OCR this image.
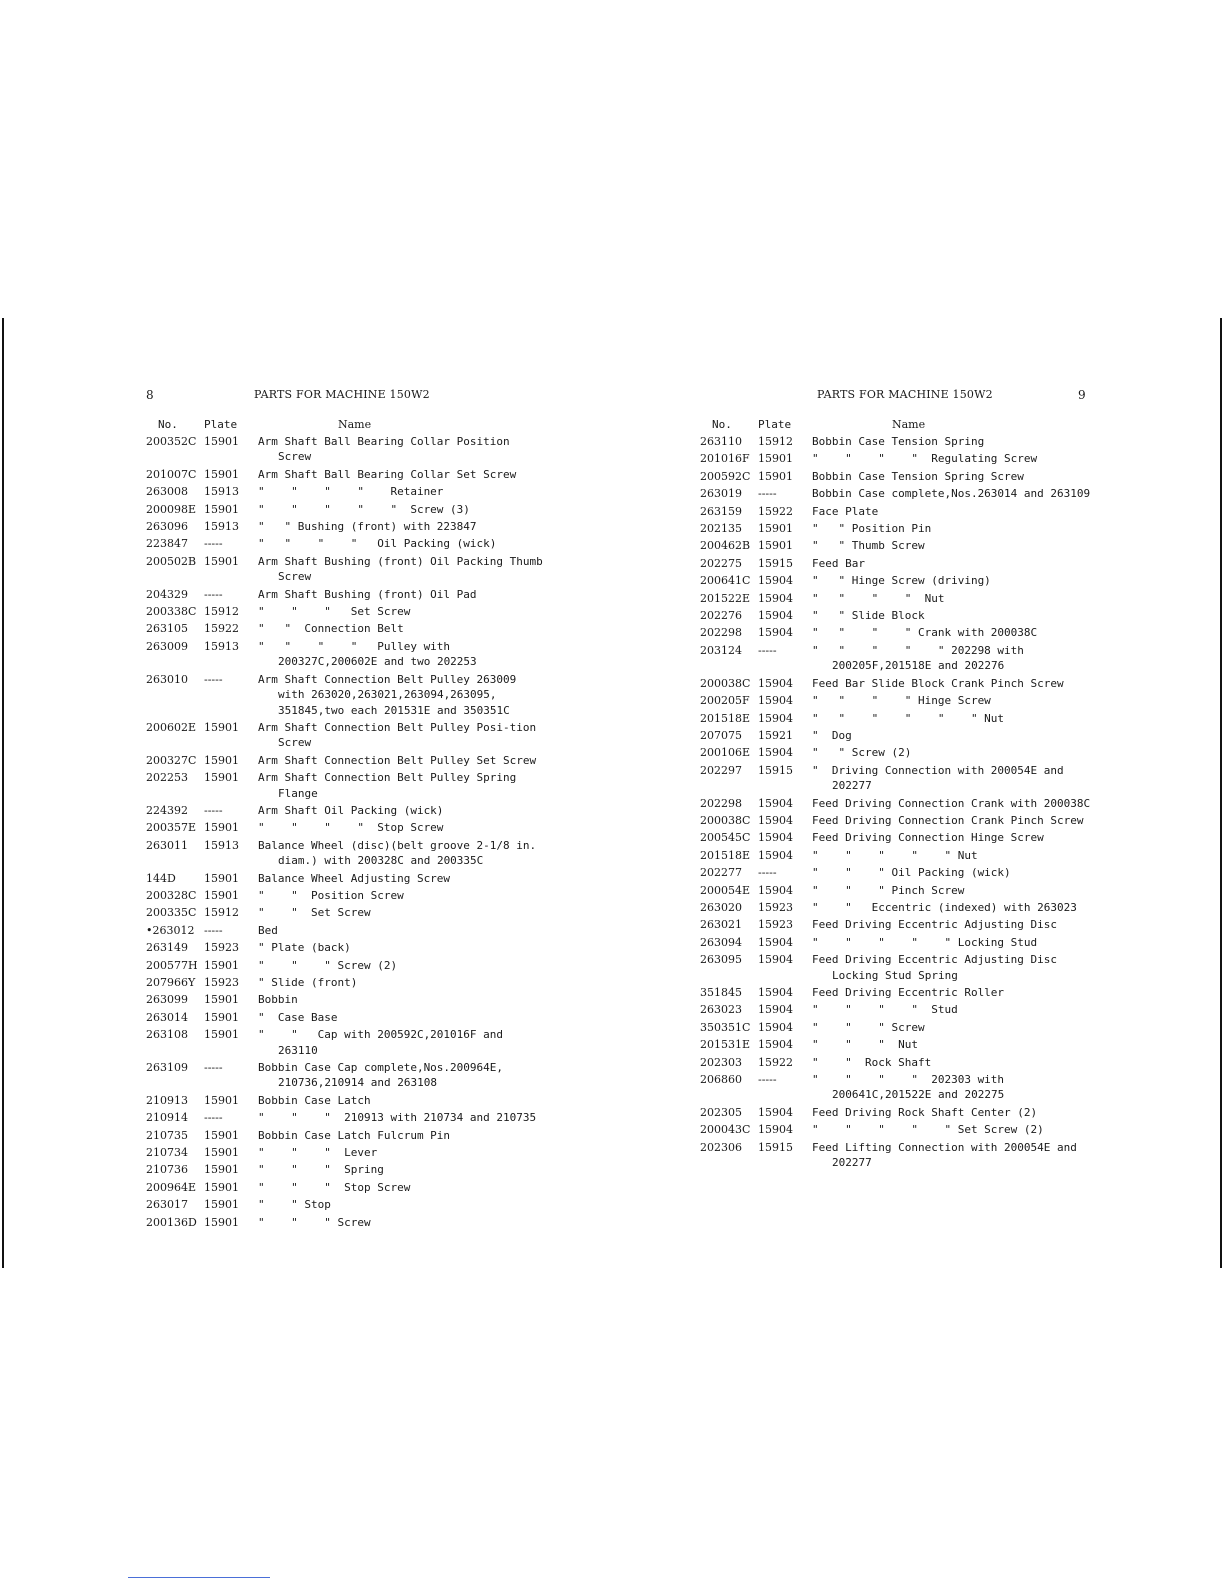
8	PARTS FOR MACHINE 150W2
No.	Plate	Name
200352C 15901	Arm Shaft Ball Bearing Collar Position Screw
201007C 15901	Arm Shaft Ball Bearing Collar Set Screw
263008	15913	"    "    "    "    Retainer
200098E 15901	"    "    "    "    "  Screw (3)
263096	15913	"   " Bushing (front) with 223847
223847	-----	"   "    "    "   Oil Packing (wick)
200502B 15901	Arm Shaft Bushing (front) Oil Packing Thumb Screw
204329	-----	Arm Shaft Bushing (front) Oil Pad
200338C 15912	"    "    "   Set Screw
263105	15922	"   "  Connection Belt
263009	15913	"   "    "    "   Pulley with 200327C,200602E and two 202253
263010	-----	Arm Shaft Connection Belt Pulley 263009 with 263020,263021,263094,263095, 351845,two each 201531E and 350351C
200602E 15901	Arm Shaft Connection Belt Pulley Posi-tion Screw
200327C 15901	Arm Shaft Connection Belt Pulley Set Screw
202253	15901	Arm Shaft Connection Belt Pulley Spring Flange
224392	-----	Arm Shaft Oil Packing (wick)
200357E 15901	"    "    "    "  Stop Screw
263011	15913	Balance Wheel (disc)(belt groove 2-1/8 in. diam.) with 200328C and 200335C
144D	15901	Balance Wheel Adjusting Screw
200328C 15901	"    "  Position Screw
200335C 15912	"    "  Set Screw
•263012 -----	Bed
263149	15923	" Plate (back)
200577H 15901	"    "    " Screw (2)
207966Y 15923	" Slide (front)
263099	15901	Bobbin
263014	15901	"  Case Base
263108	15901	"    "   Cap with 200592C,201016F and 263110
263109	-----	Bobbin Case Cap complete,Nos.200964E, 210736,210914 and 263108
210913	15901	Bobbin Case Latch
210914	-----	"    "    "  210913 with 210734 and 210735
210735	15901	Bobbin Case Latch Fulcrum Pin
210734	15901	"    "    "  Lever
210736	15901	"    "    "  Spring
200964E 15901	"    "    "  Stop Screw
263017	15901	"    " Stop
200136D 15901	"    "    " Screw
PARTS FOR MACHINE 150W2	9
No.	Plate	Name
263110	15912	Bobbin Case Tension Spring
201016F 15901	"    "    "    "  Regulating Screw
200592C 15901	Bobbin Case Tension Spring Screw
263019	-----	Bobbin Case complete,Nos.263014 and 263109
263159	15922	Face Plate
202135	15901	"   " Position Pin
200462B 15901	"   " Thumb Screw
202275	15915	Feed Bar
200641C 15904	"   " Hinge Screw (driving)
201522E 15904	"   "    "    "  Nut
202276	15904	"   " Slide Block
202298	15904	"   "    "    " Crank with 200038C
203124	-----	"   "    "    "    " 202298 with 200205F,201518E and 202276
200038C 15904	Feed Bar Slide Block Crank Pinch Screw
200205F 15904	"   "    "    " Hinge Screw
201518E 15904	"   "    "    "    "    " Nut
207075	15921	"  Dog
200106E 15904	"   " Screw (2)
202297	15915	"  Driving Connection with 200054E and 202277
202298	15904	Feed Driving Connection Crank with 200038C
200038C 15904	Feed Driving Connection Crank Pinch Screw
200545C 15904	Feed Driving Connection Hinge Screw
201518E 15904	"    "    "    "    " Nut
202277	-----	"    "    " Oil Packing (wick)
200054E 15904	"    "    " Pinch Screw
263020	15923	"    "   Eccentric (indexed) with 263023
263021	15923	Feed Driving Eccentric Adjusting Disc
263094	15904	"    "    "    "    " Locking Stud
263095	15904	Feed Driving Eccentric Adjusting Disc Locking Stud Spring
351845	15904	Feed Driving Eccentric Roller
263023	15904	"    "    "    "  Stud
350351C 15904	"    "    " Screw
201531E 15904	"    "    "  Nut
202303	15922	"    "  Rock Shaft
206860	-----	"    "    "    "  202303 with 200641C,201522E and 202275
202305	15904	Feed Driving Rock Shaft Center (2)
200043C 15904	"    "    "    "    " Set Screw (2)
202306	15915	Feed Lifting Connection with 200054E and 202277
